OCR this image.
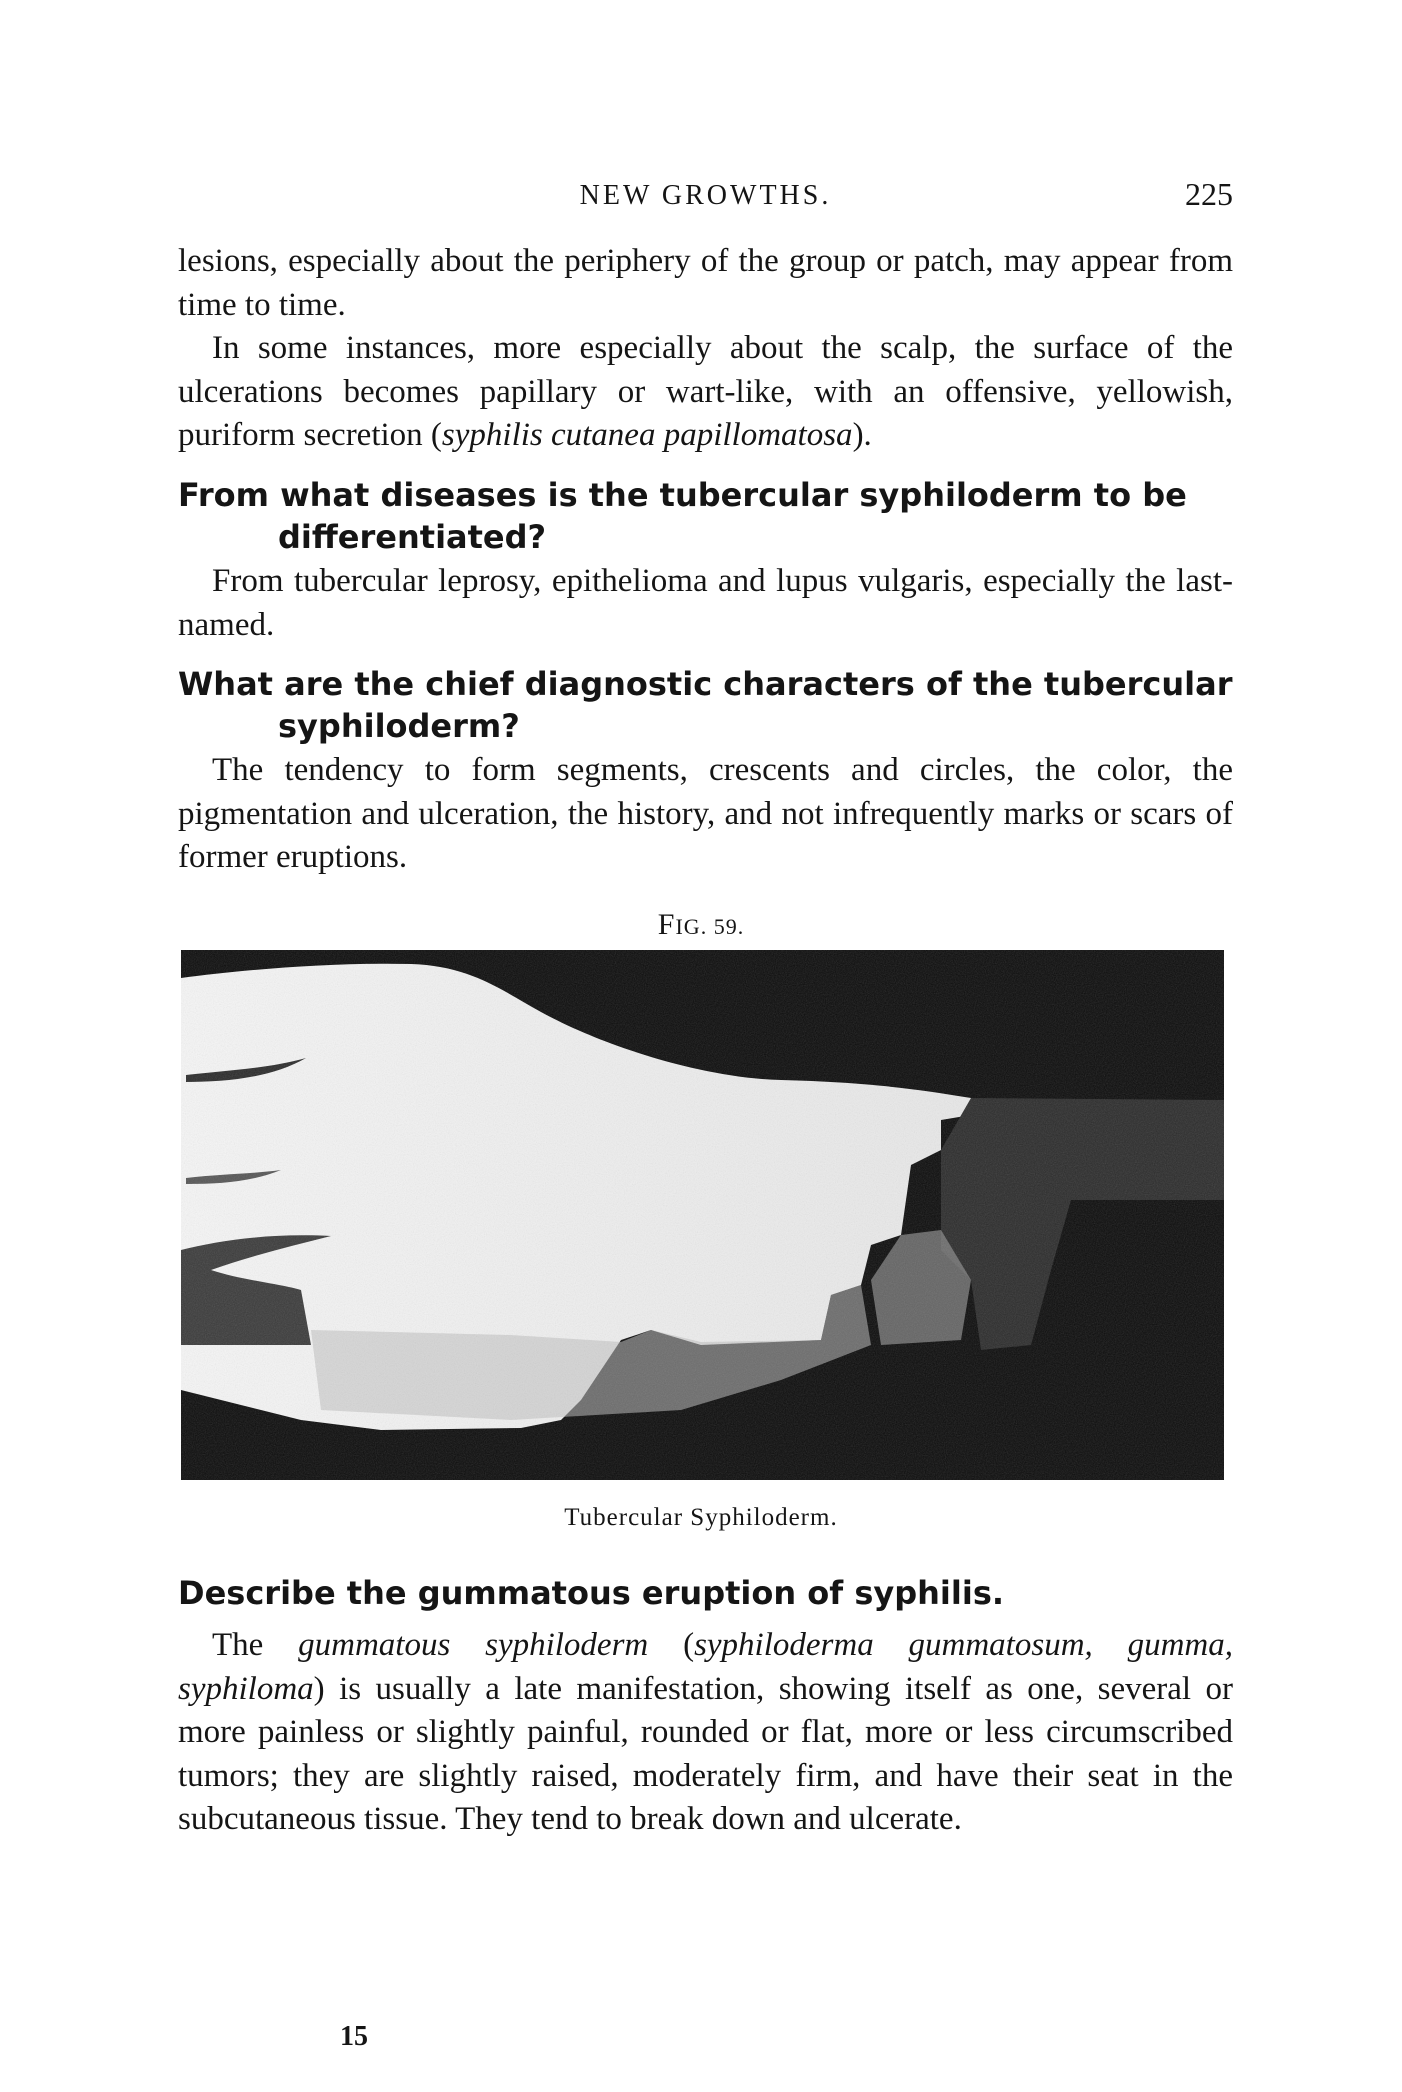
NEW GROWTHS.	225

lesions, especially about the periphery of the group or patch, may appear from time to time.

In some instances, more especially about the scalp, the surface of the ulcerations becomes papillary or wart-like, with an offensive, yellowish, puriform secretion (syphilis cutanea papillomatosa).

From what diseases is the tubercular syphiloderm to be differentiated?

From tubercular leprosy, epithelioma and lupus vulgaris, especially the last-named.

What are the chief diagnostic characters of the tubercular syphiloderm?

The tendency to form segments, crescents and circles, the color, the pigmentation and ulceration, the history, and not infrequently marks or scars of former eruptions.

FIG. 59.
Tubercular Syphiloderm.

Describe the gummatous eruption of syphilis.

The gummatous syphiloderm (syphiloderma gummatosum, gumma, syphiloma) is usually a late manifestation, showing itself as one, several or more painless or slightly painful, rounded or flat, more or less circumscribed tumors; they are slightly raised, moderately firm, and have their seat in the subcutaneous tissue. They tend to break down and ulcerate.

15
